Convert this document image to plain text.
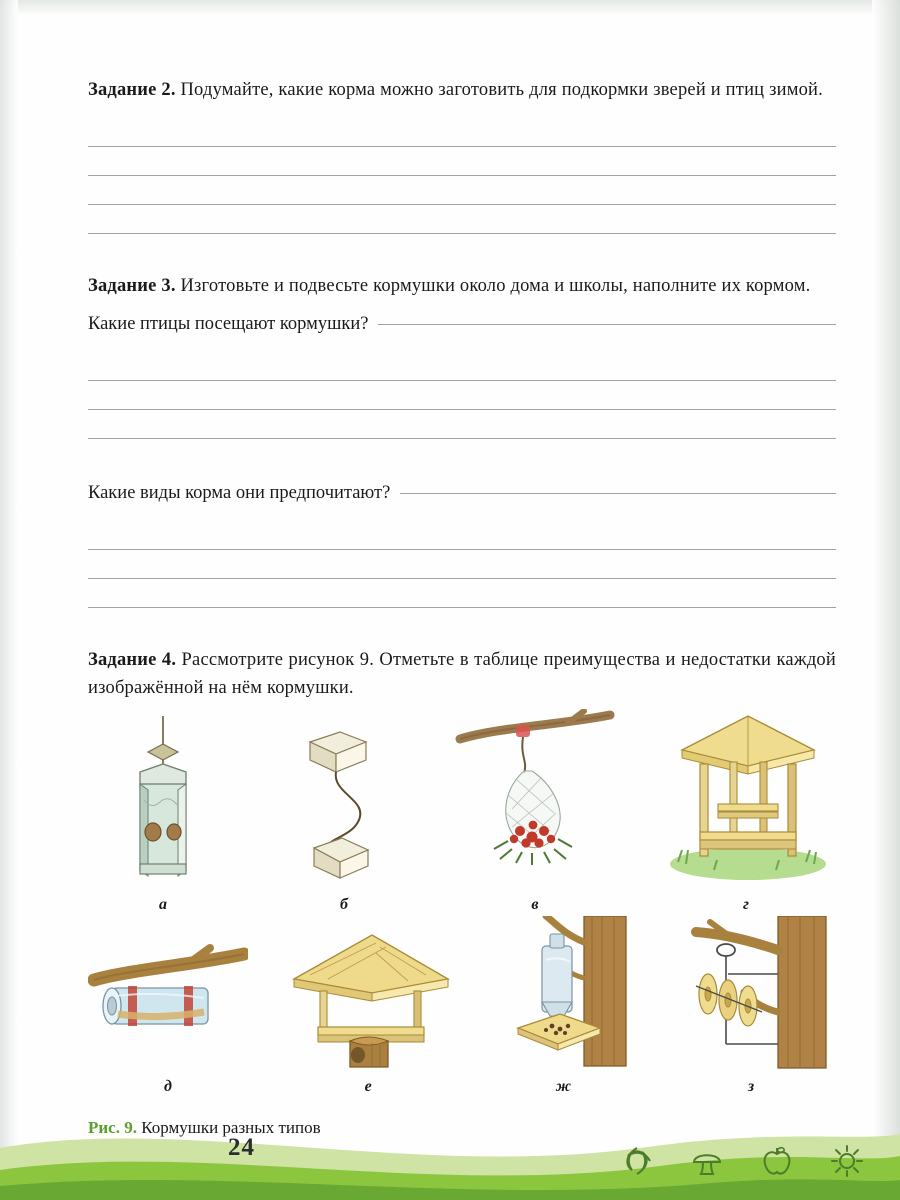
Задание 2. Подумайте, какие корма можно заготовить для подкормки зверей и птиц зимой.
Задание 3. Изготовьте и подвесьте кормушки около дома и школы, наполните их кормом.
Какие птицы посещают кормушки?
Какие виды корма они предпочитают?
Задание 4. Рассмотрите рисунок 9. Отметьте в таблице преимущества и недостатки каждой изображённой на нём кормушки.
а	б	в	г
д	е	ж	з
Рис. 9. Кормушки разных типов
24
